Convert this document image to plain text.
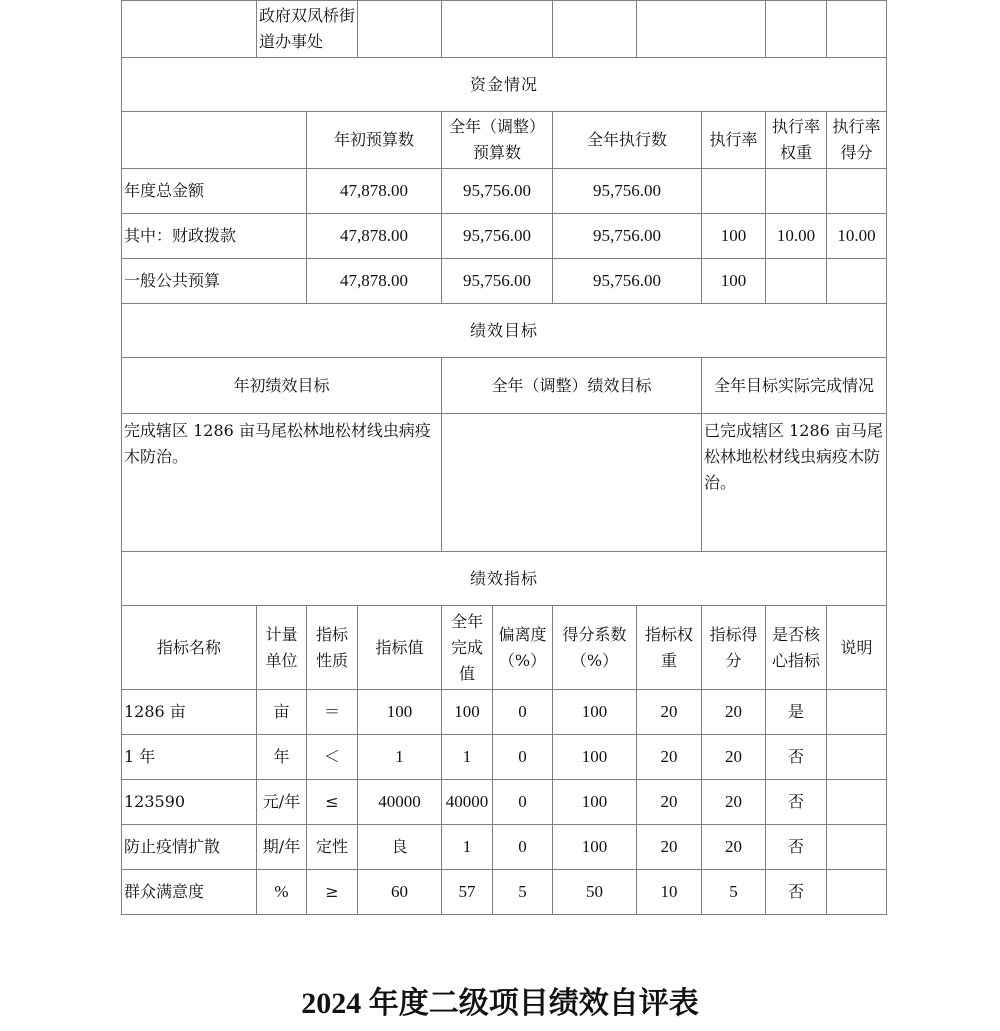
	政府双凤桥街道办事处									
资金情况										
		年初预算数		全年（调整）预算数		全年执行数		执行率	执行率权重	执行率得分
年度总金额		47,878.00		95,756.00		95,756.00				
其中：财政拨款		47,878.00		95,756.00		95,756.00		100	10.00	10.00
一般公共预算		47,878.00		95,756.00		95,756.00		100		
绩效目标										
年初绩效目标				全年（调整）绩效目标				全年目标实际完成情况		
完成辖区 1286 亩马尾松林地松材线虫病疫木防治。								已完成辖区 1286 亩马尾松林地松材线虫病疫木防治。		
绩效指标										
指标名称	计量单位	指标性质	指标值	全年完成值	偏离度（%）	得分系数（%）	指标权重	指标得分	是否核心指标	说明
1286 亩	亩	＝	100	100	0	100	20	20	是	
1 年	年	＜	1	1	0	100	20	20	否	
123590	元/年	≤	40000	40000	0	100	20	20	否	
防止疫情扩散	期/年	定性	良	1	0	100	20	20	否	
群众满意度	%	≥	60	57	5	50	10	5	否	
2024 年度二级项目绩效自评表
